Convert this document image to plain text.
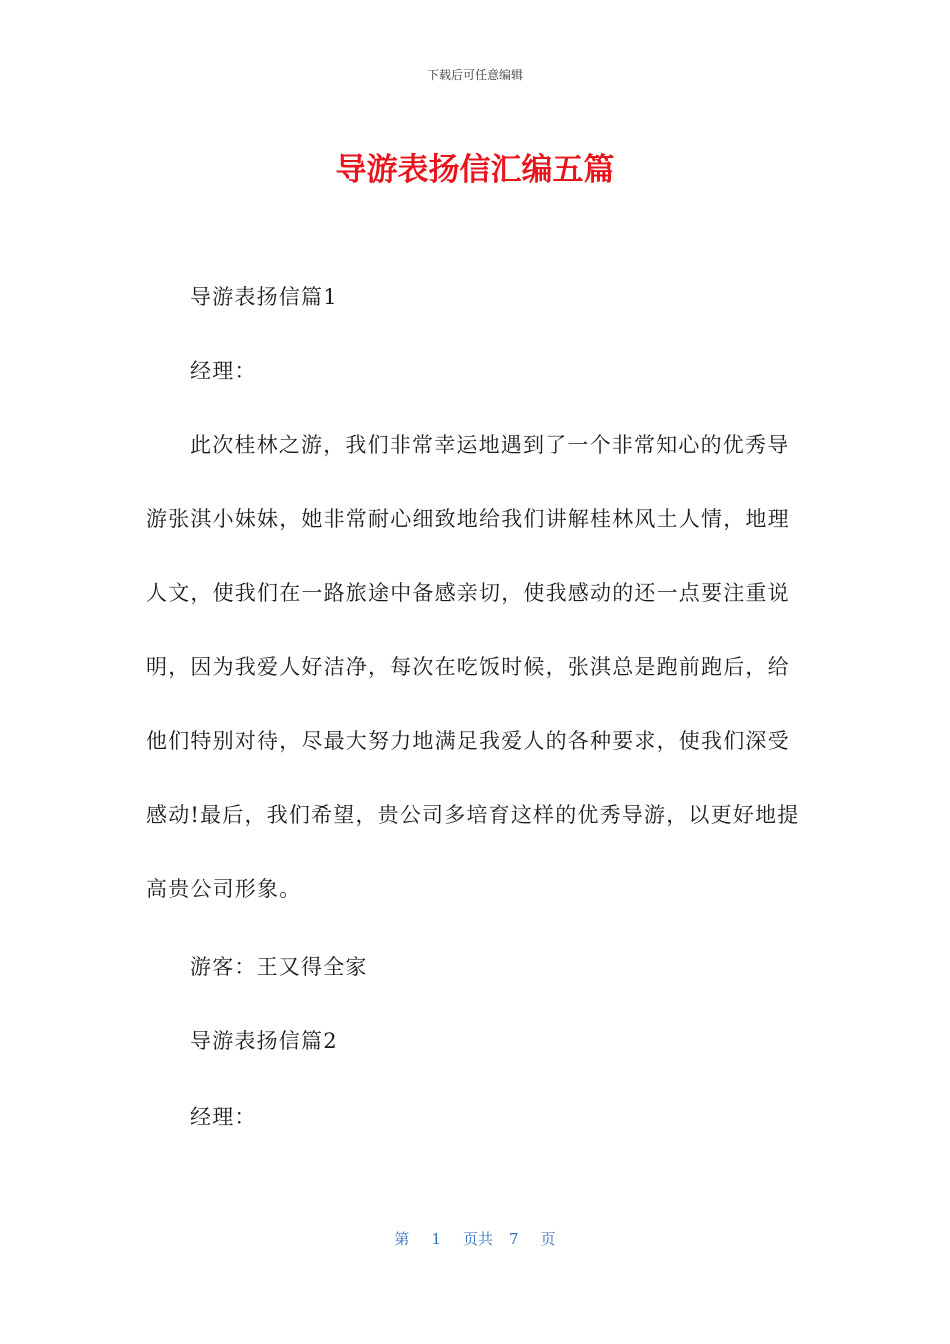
下载后可任意编辑
导游表扬信汇编五篇
导游表扬信篇1
经理：
此次桂林之游，我们非常幸运地遇到了一个非常知心的优秀导
游张淇小妹妹，她非常耐心细致地给我们讲解桂林风土人情，地理
人文，使我们在一路旅途中备感亲切，使我感动的还一点要注重说
明，因为我爱人好洁净，每次在吃饭时候，张淇总是跑前跑后，给
他们特别对待，尽最大努力地满足我爱人的各种要求，使我们深受
感动!最后，我们希望，贵公司多培育这样的优秀导游，以更好地提
高贵公司形象。
游客：王又得全家
导游表扬信篇2
经理：
第 1 页共 7 页
